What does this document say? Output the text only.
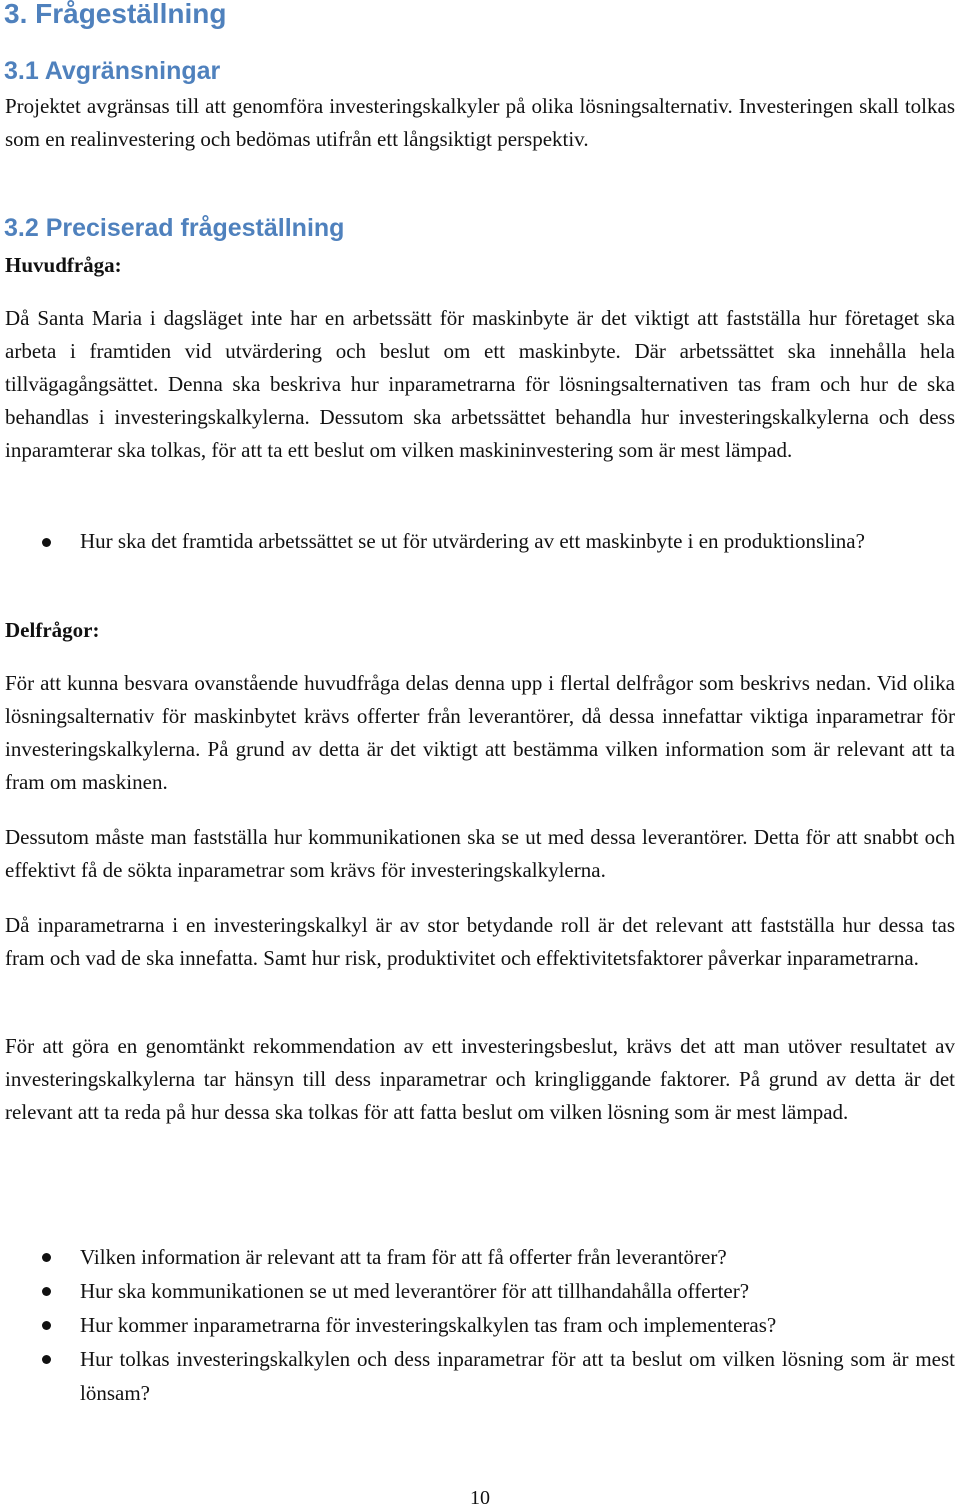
3. Frågeställning
3.1 Avgränsningar

Projektet avgränsas till att genomföra investeringskalkyler på olika lösningsalternativ. Investeringen skall tolkas som en realinvestering och bedömas utifrån ett långsiktigt perspektiv.

3.2 Preciserad frågeställning

Huvudfråga:

Då Santa Maria i dagsläget inte har en arbetssätt för maskinbyte är det viktigt att fastställa hur företaget ska arbeta i framtiden vid utvärdering och beslut om ett maskinbyte. Där arbetssättet ska innehålla hela tillvägagångsättet. Denna ska beskriva hur inparametrarna för lösningsalternativen tas fram och hur de ska behandlas i investeringskalkylerna. Dessutom ska arbetssättet behandla hur investeringskalkylerna och dess inparamterar ska tolkas, för att ta ett beslut om vilken maskininvestering som är mest lämpad.

Hur ska det framtida arbetssättet se ut för utvärdering av ett maskinbyte i en produktionslina?

Delfrågor:

För att kunna besvara ovanstående huvudfråga delas denna upp i flertal delfrågor som beskrivs nedan. Vid olika lösningsalternativ för maskinbytet krävs offerter från leverantörer, då dessa innefattar viktiga inparametrar för investeringskalkylerna. På grund av detta är det viktigt att bestämma vilken information som är relevant att ta fram om maskinen.

Dessutom måste man fastställa hur kommunikationen ska se ut med dessa leverantörer. Detta för att snabbt och effektivt få de sökta inparametrar som krävs för investeringskalkylerna.

Då inparametrarna i en investeringskalkyl är av stor betydande roll är det relevant att fastställa hur dessa tas fram och vad de ska innefatta. Samt hur risk, produktivitet och effektivitetsfaktorer påverkar inparametrarna.

För att göra en genomtänkt rekommendation av ett investeringsbeslut, krävs det att man utöver resultatet av investeringskalkylerna tar hänsyn till dess inparametrar och kringliggande faktorer. På grund av detta är det relevant att ta reda på hur dessa ska tolkas för att fatta beslut om vilken lösning som är mest lämpad.

Vilken information är relevant att ta fram för att få offerter från leverantörer?
Hur ska kommunikationen se ut med leverantörer för att tillhandahålla offerter?
Hur kommer inparametrarna för investeringskalkylen tas fram och implementeras?
Hur tolkas investeringskalkylen och dess inparametrar för att ta beslut om vilken lösning som är mest lönsam?
10
